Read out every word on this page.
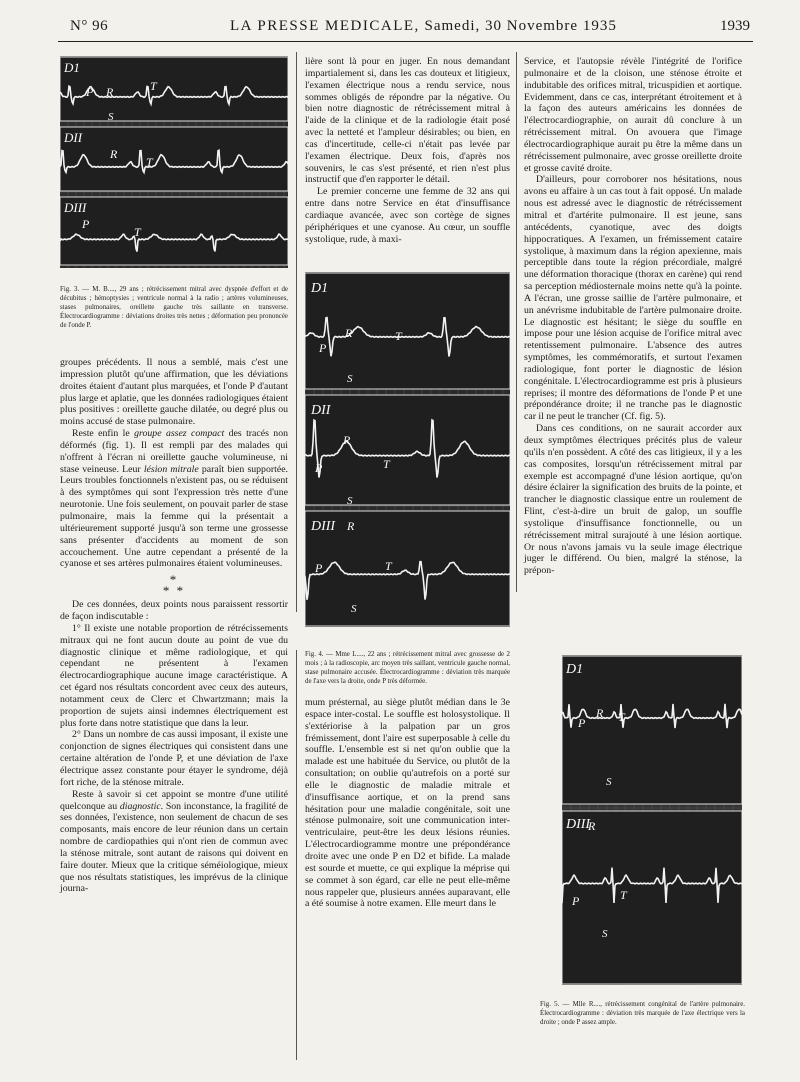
N° 96	LA PRESSE MEDICALE, Samedi, 30 Novembre 1935	1939
D1
DII
DIII
P R
S
T
R
T
P
T
Fig. 3. — M. B...., 29 ans ; rétrécissement mitral avec dyspnée d'effort et de décubitus ; hémoptysies ; ventricule normal à la radio ; artères volumineuses, stases pulmonaires, oreillette gauche très saillante en transverse. Électrocardiogramme : déviations droites très nettes ; déformation peu prononcée de l'onde P.

groupes précédents. Il nous a semblé, mais c'est une impression plutôt qu'une affirmation, que les déviations droites étaient d'autant plus marquées, et l'onde P d'autant plus large et aplatie, que les données radiologiques étaient plus positives : oreillette gauche dilatée, ou degré plus ou moins accusé de stase pulmonaire.

Reste enfin le groupe assez compact des tracés non déformés (fig. 1). Il est rempli par des malades qui n'offrent à l'écran ni oreillette gauche volumineuse, ni stase veineuse. Leur lésion mitrale paraît bien supportée. Leurs troubles fonctionnels n'existent pas, ou se réduisent à des symptômes qui sont l'expression très nette d'une neurotonie. Une fois seulement, on pouvait parler de stase pulmonaire, mais la femme qui la présentait a ultérieurement supporté jusqu'à son terme une grossesse sans présenter d'accidents au moment de son accouchement. Une autre cependant a présenté de la cyanose et ses artères pulmonaires étaient volumineuses.

*
* *

De ces données, deux points nous paraissent ressortir de façon indiscutable :

1° Il existe une notable proportion de rétrécissements mitraux qui ne font aucun doute au point de vue du diagnostic clinique et même radiologique, et qui cependant ne présentent à l'examen électrocardiographique aucune image caractéristique. A cet égard nos résultats concordent avec ceux des auteurs, notamment ceux de Clerc et Chwartzmann; mais la proportion de sujets ainsi indemnes électriquement est plus forte dans notre statistique que dans la leur.

2° Dans un nombre de cas aussi imposant, il existe une conjonction de signes électriques qui consistent dans une certaine altération de l'onde P, et une déviation de l'axe électrique assez constante pour étayer le syndrome, déjà fort riche, de la sténose mitrale.

Reste à savoir si cet appoint se montre d'une utilité quelconque au diagnostic. Son inconstance, la fragilité de ses données, l'existence, non seulement de chacun de ses composants, mais encore de leur réunion dans un certain nombre de cardiopathies qui n'ont rien de commun avec la sténose mitrale, sont autant de raisons qui doivent en faire douter. Mieux que la critique séméiologique, mieux que nos résultats statistiques, les imprévus de la clinique journa-

lière sont là pour en juger. En nous demandant impartialement si, dans les cas douteux et litigieux, l'examen électrique nous a rendu service, nous sommes obligés de répondre par la négative. Ou bien notre diagnostic de rétrécissement mitral à l'aide de la clinique et de la radiologie était posé avec la netteté et l'ampleur désirables; ou bien, en cas d'incertitude, celle-ci n'était pas levée par l'examen électrique. Deux fois, d'après nos souvenirs, le cas s'est présenté, et rien n'est plus instructif que d'en rapporter le détail.

Le premier concerne une femme de 32 ans qui entre dans notre Service en état d'insuffisance cardiaque avancée, avec son cortège de signes périphériques et une cyanose. Au cœur, un souffle systolique, rude, à maxi-

D1
DII
DIII
P
R
S
T
R
P	T
S
R
P	T
S
Fig. 4. — Mme L...., 22 ans ; rétrécissement mitral avec grossesse de 2 mois ; à la radioscopie, arc moyen très saillant, ventricule gauche normal, stase pulmonaire accusée. Électrocardiogramme : déviation très marquée de l'axe vers la droite, onde P très déformée.

mum présternal, au siège plutôt médian dans le 3e espace inter-costal. Le souffle est holosystolique. Il s'extériorise à la palpation par un gros frémissement, dont l'aire est superposable à celle du souffle. L'ensemble est si net qu'on oublie que la malade est une habituée du Service, ou plutôt de la consultation; on oublie qu'autrefois on a porté sur elle le diagnostic de maladie mitrale et d'insuffisance aortique, et on la prend sans hésitation pour une maladie congénitale, soit une sténose pulmonaire, soit une communication inter-ventriculaire, peut-être les deux lésions réunies. L'électrocardiogramme montre une prépondérance droite avec une onde P en D2 et bifide. La malade est sourde et muette, ce qui explique la méprise qui se commet à son égard, car elle ne peut elle-même nous rappeler que, plusieurs années auparavant, elle a été soumise à notre examen. Elle meurt dans le

Service, et l'autopsie révèle l'intégrité de l'orifice pulmonaire et de la cloison, une sténose étroite et indubitable des orifices mitral, tricuspidien et aortique. Evidemment, dans ce cas, interprétant étroitement et à la façon des auteurs américains les données de l'électrocardiographie, on aurait dû conclure à un rétrécissement mitral. On avouera que l'image électrocardiographique aurait pu être la même dans un rétrécissement pulmonaire, avec grosse oreillette droite et grosse cavité droite.

D'ailleurs, pour corroborer nos hésitations, nous avons eu affaire à un cas tout à fait opposé. Un malade nous est adressé avec le diagnostic de rétrécissement mitral et d'artérite pulmonaire. Il est jeune, sans antécédents, cyanotique, avec des doigts hippocratiques. A l'examen, un frémissement cataire systolique, à maximum dans la région apexienne, mais perceptible dans toute la région précordiale, malgré une déformation thoracique (thorax en carène) qui rend sa perception médiosternale moins nette qu'à la pointe. A l'écran, une grosse saillie de l'artère pulmonaire, et un anévrisme indubitable de l'artère pulmonaire droite. Le diagnostic est hésitant; le siège du souffle en impose pour une lésion acquise de l'orifice mitral avec retentissement pulmonaire. L'absence des autres symptômes, les commémoratifs, et surtout l'examen radiologique, font porter le diagnostic de lésion congénitale. L'électrocardiogramme est pris à plusieurs reprises; il montre des déformations de l'onde P et une prépondérance droite; il ne tranche pas le diagnostic car il ne peut le trancher (Cf. fig. 5).

Dans ces conditions, on ne saurait accorder aux deux symptômes électriques précités plus de valeur qu'ils n'en possèdent. A côté des cas litigieux, il y a les cas composites, lorsqu'un rétrécissement mitral par exemple est accompagné d'une lésion aortique, qu'on désire éclairer la signification des bruits de la pointe, et trancher le diagnostic classique entre un roulement de Flint, c'est-à-dire un bruit de galop, un souffle systolique d'insuffisance fonctionnelle, ou un rétrécissement mitral surajouté à une lésion aortique. Or nous n'avons jamais vu la seule image électrique juger le différend. Ou bien, malgré la sténose, la prépon-

D1
DIII
P
R T
S
R
P	T
S
Fig. 5. — Mlle R...., rétrécissement congénital de l'artère pulmonaire. Électrocardiogramme : déviation très marquée de l'axe électrique vers la droite ; onde P assez ample.
